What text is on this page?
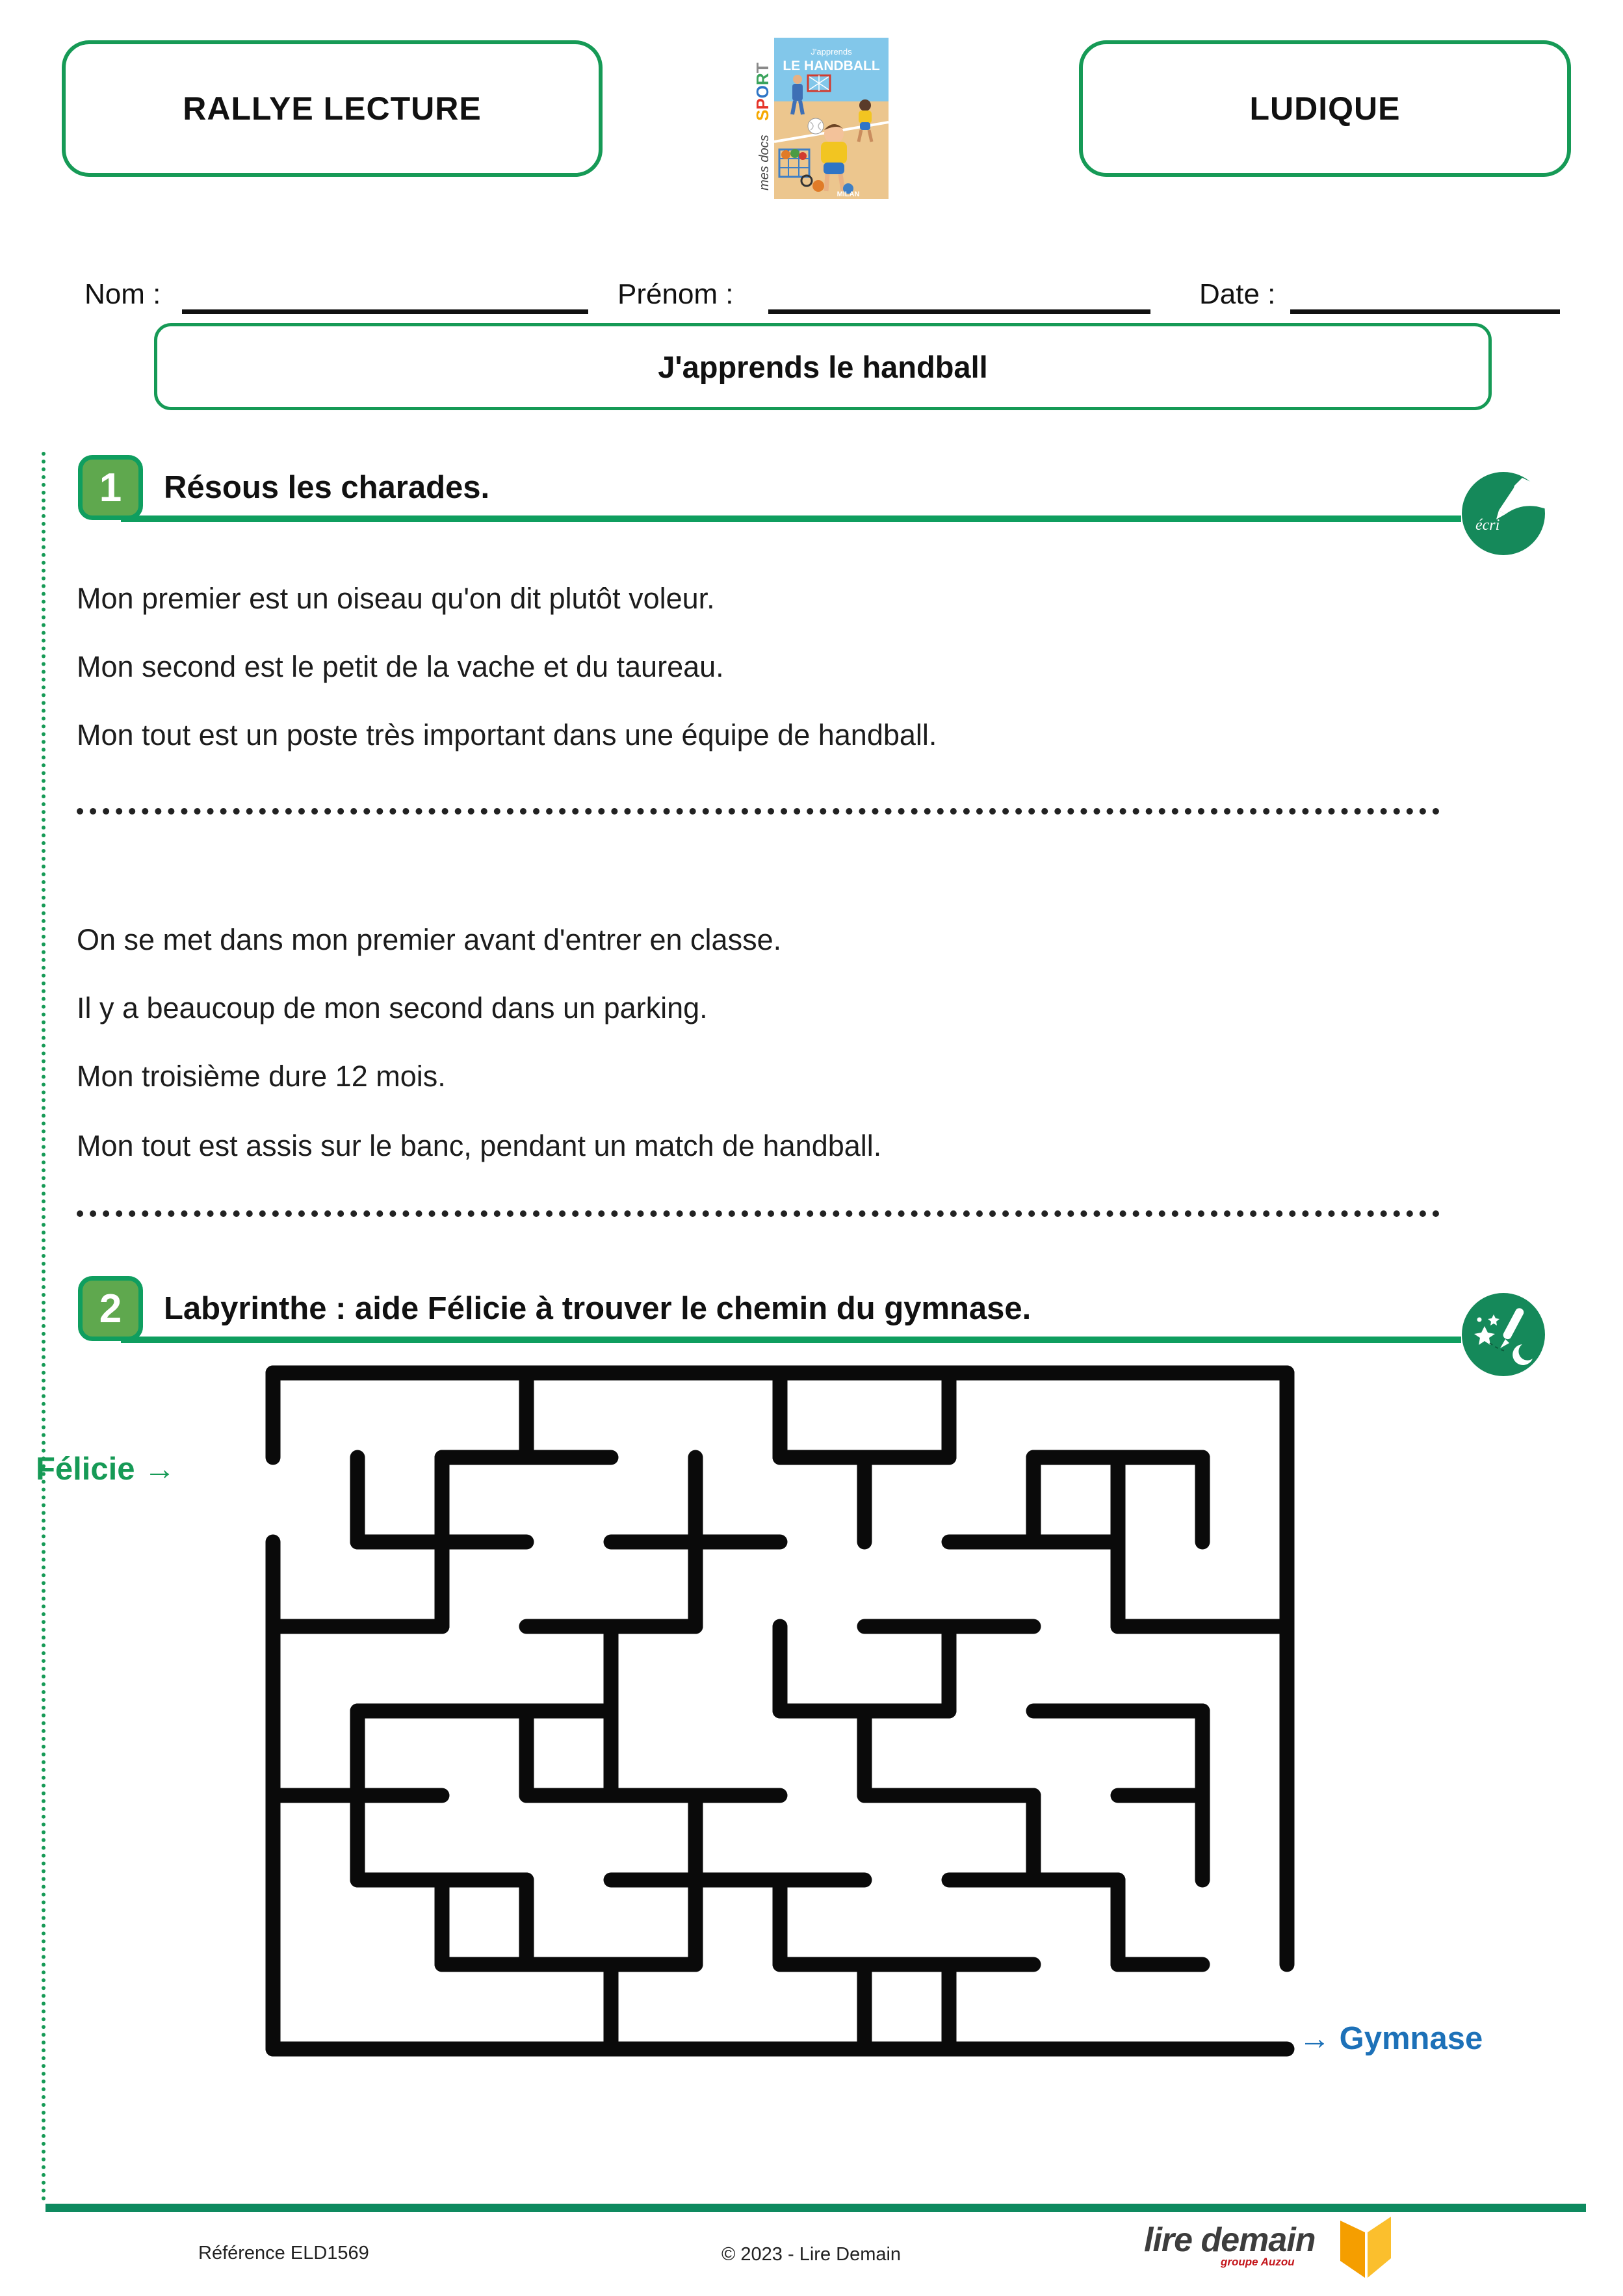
RALLYE LECTURE	SPORT
mes docs
J'apprends
LE HANDBALL
MILAN
LUDIQUE
Nom :	Prénom :	Date :
J'apprends le handball
1 Résous les charades.
écri
Mon premier est un oiseau qu'on dit plutôt voleur.
Mon second est le petit de la vache et du taureau.
Mon tout est un poste très important dans une équipe de handball.
On se met dans mon premier avant d'entrer en classe.
Il y a beaucoup de mon second dans un parking.
Mon troisième dure 12 mois.
Mon tout est assis sur le banc, pendant un match de handball.
2 Labyrinthe : aide Félicie à trouver le chemin du gymnase.
Félicie →
→ Gymnase
Référence ELD1569	© 2023 - Lire Demain	lire demain
groupe Auzou
